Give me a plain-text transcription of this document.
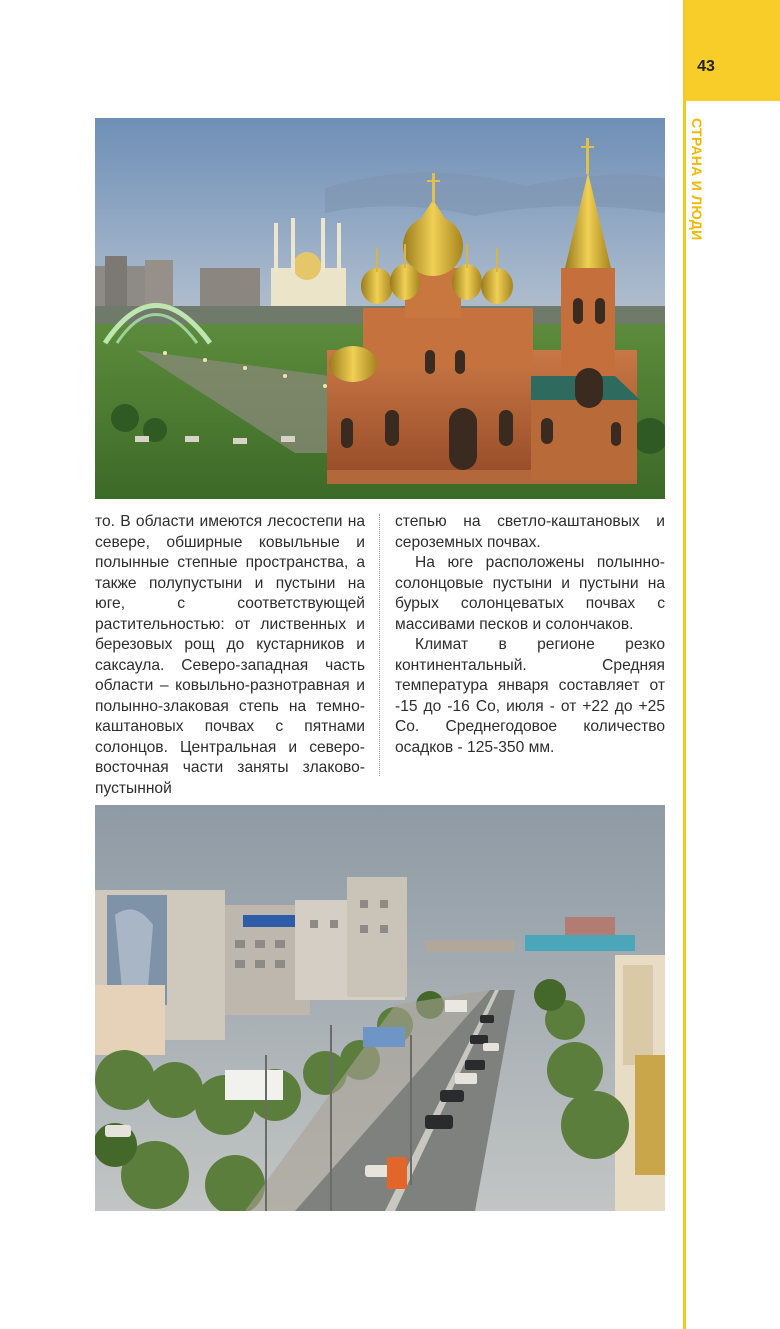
43
СТРАНА И ЛЮДИ

то. В области имеются лесостепи на севере, обширные ковыльные и полынные степные пространства, а также полупустыни и пустыни на юге, с соответствующей растительностью: от лиственных и березовых рощ до кустарников и саксаула. Северо-западная часть области – ковыльно-разнотравная и полынно-злаковая степь на темно-каштановых почвах с пятнами солонцов. Центральная и северо-восточная части заняты злаково-пустынной

степью на светло-каштановых и сероземных почвах.

На юге расположены полынно-солонцовые пустыни и пустыни на бурых солонцеватых почвах с массивами песков и солончаков.

Климат в регионе резко континентальный. Средняя температура января составляет от -15 до -16 Со, июля - от +22 до +25 Со. Среднегодовое количество осадков - 125-350 мм.
